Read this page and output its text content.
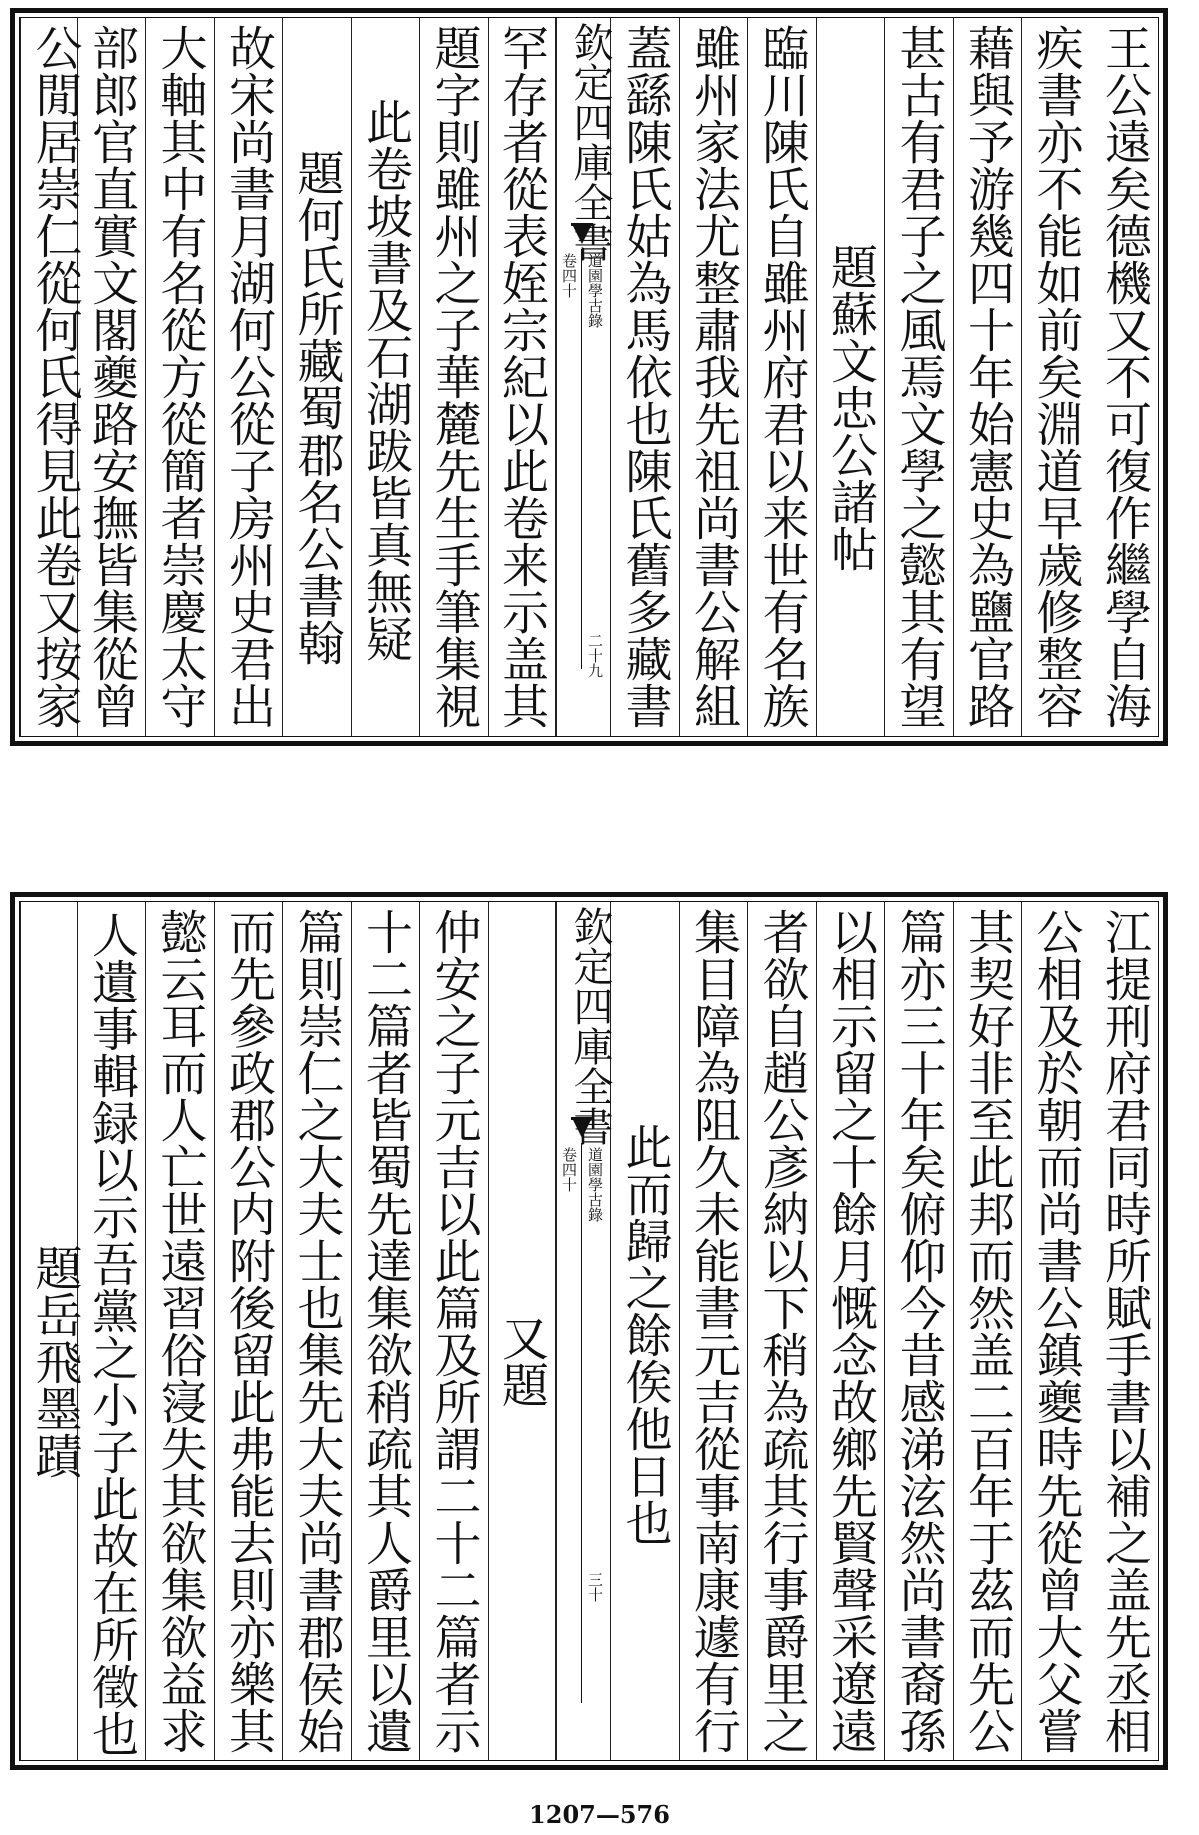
王公遠矣德機又不可復作繼學自海
疾書亦不能如前矣淵道早歲修整容
藉與予游幾四十年始憲史為鹽官路
甚古有君子之風焉文學之懿其有望
題蘇文忠公諸帖
臨川陳氏自雖州府君以来世有名族
雖州家法尤整肅我先祖尚書公解組
蓋繇陳氏姑為馬依也陳氏舊多藏書
欽定四庫全書
道園學古錄
卷四十
二十九
罕存者從表姪宗紀以此卷来示盖其
題字則雖州之子華麓先生手筆集視
此卷坡書及石湖跋皆真無疑
題何氏所藏蜀郡名公書翰
故宋尚書月湖何公從子房州史君出
大軸其中有名從方從簡者崇慶太守
部郎官直實文閣夔路安撫皆集從曾
公閒居崇仁從何氏得見此卷又按家
江提刑府君同時所賦手書以補之盖先丞相
公相及於朝而尚書公鎮夔時先從曾大父嘗
其契好非至此邦而然盖二百年于茲而先公
篇亦三十年矣俯仰今昔感涕泫然尚書裔孫
以相示留之十餘月慨念故鄉先賢聲采遼遠
者欲自趙公彥納以下稍為疏其行事爵里之
集目障為阻久未能書元吉從事南康遽有行
此而歸之餘俟他日也
欽定四庫全書
道園學古錄
卷四十
三十
又題
仲安之子元吉以此篇及所謂二十二篇者示
十二篇者皆蜀先達集欲稍疏其人爵里以遺
篇則崇仁之大夫士也集先大夫尚書郡侯始
而先參政郡公内附後留此弗能去則亦樂其
懿云耳而人亡世遠習俗寖失其欲集欲益求
人遺事輯録以示吾黨之小子此故在所徵也
題岳飛墨蹟
1207—576
